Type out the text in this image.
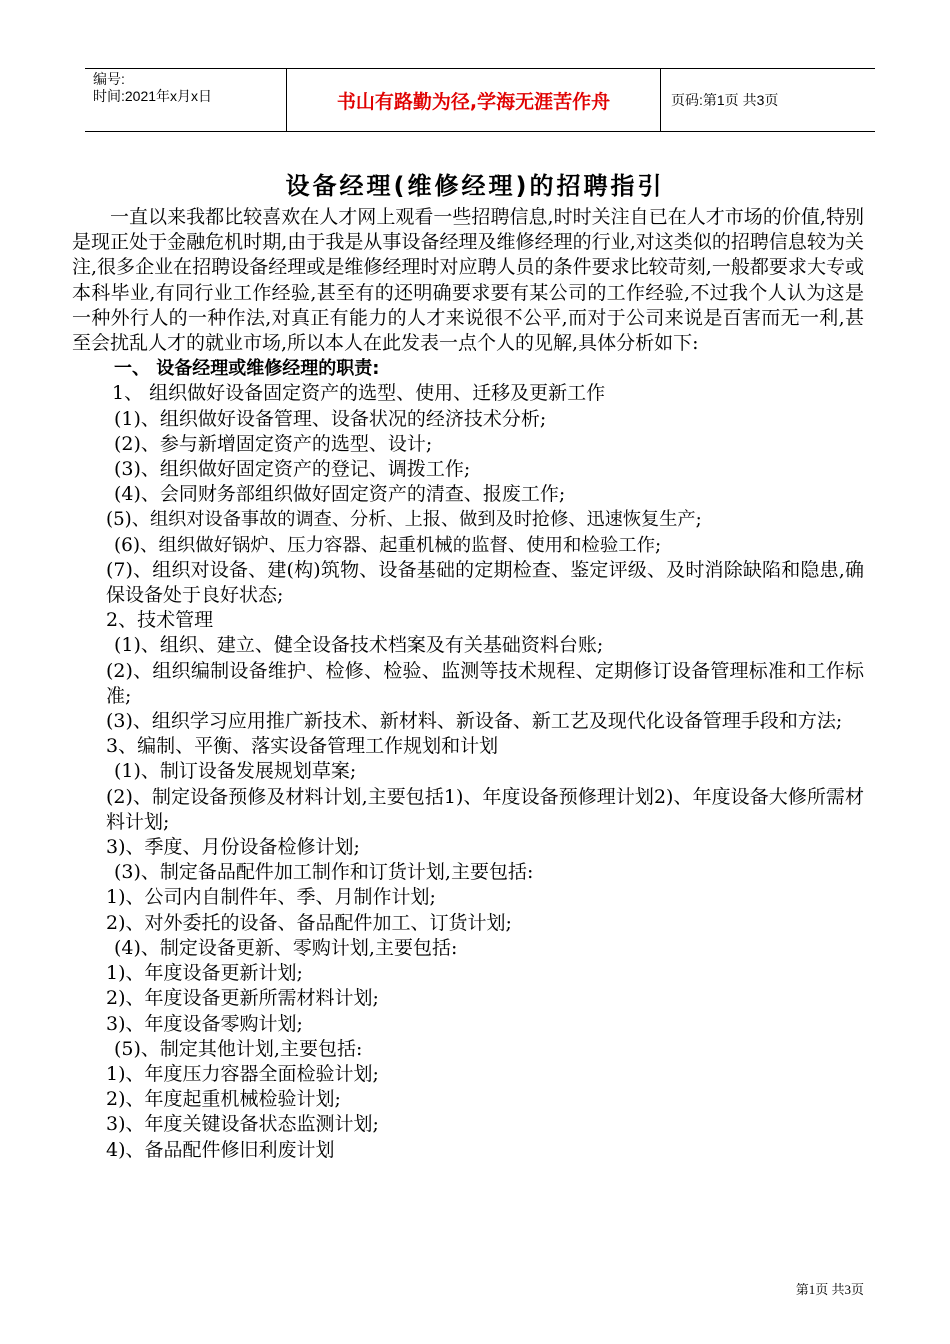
编号:
时间:2021年x月x日	书山有路勤为径,学海无涯苦作舟	页码:第1页 共3页
设备经理(维修经理)的招聘指引

一直以来我都比较喜欢在人才网上观看一些招聘信息,时时关注自已在人才市场的价值,特别是现正处于金融危机时期,由于我是从事设备经理及维修经理的行业,对这类似的招聘信息较为关注,很多企业在招聘设备经理或是维修经理时对应聘人员的条件要求比较苛刻,一般都要求大专或本科毕业,有同行业工作经验,甚至有的还明确要求要有某公司的工作经验,不过我个人认为这是一种外行人的一种作法,对真正有能力的人才来说很不公平,而对于公司来说是百害而无一利,甚至会扰乱人才的就业市场,所以本人在此发表一点个人的见解,具体分析如下:

一、 设备经理或维修经理的职责:

1、 组织做好设备固定资产的选型、使用、迁移及更新工作

(1)、组织做好设备管理、设备状况的经济技术分析;

(2)、参与新增固定资产的选型、设计;

(3)、组织做好固定资产的登记、调拨工作;

(4)、会同财务部组织做好固定资产的清查、报废工作;

(5)、组织对设备事故的调查、分析、上报、做到及时抢修、迅速恢复生产;

(6)、组织做好锅炉、压力容器、起重机械的监督、使用和检验工作;

(7)、组织对设备、建(构)筑物、设备基础的定期检查、鉴定评级、及时消除缺陷和隐患,确保设备处于良好状态;

2、技术管理

(1)、组织、建立、健全设备技术档案及有关基础资料台账;

(2)、组织编制设备维护、检修、检验、监测等技术规程、定期修订设备管理标准和工作标准;

(3)、组织学习应用推广新技术、新材料、新设备、新工艺及现代化设备管理手段和方法;

3、编制、平衡、落实设备管理工作规划和计划

(1)、制订设备发展规划草案;

(2)、制定设备预修及材料计划,主要包括1)、年度设备预修理计划2)、年度设备大修所需材料计划;

3)、季度、月份设备检修计划;

(3)、制定备品配件加工制作和订货计划,主要包括:

1)、公司内自制件年、季、月制作计划;

2)、对外委托的设备、备品配件加工、订货计划;

(4)、制定设备更新、零购计划,主要包括:

1)、年度设备更新计划;

2)、年度设备更新所需材料计划;

3)、年度设备零购计划;

(5)、制定其他计划,主要包括:

1)、年度压力容器全面检验计划;

2)、年度起重机械检验计划;

3)、年度关键设备状态监测计划;

4)、备品配件修旧利废计划

第1页 共3页
